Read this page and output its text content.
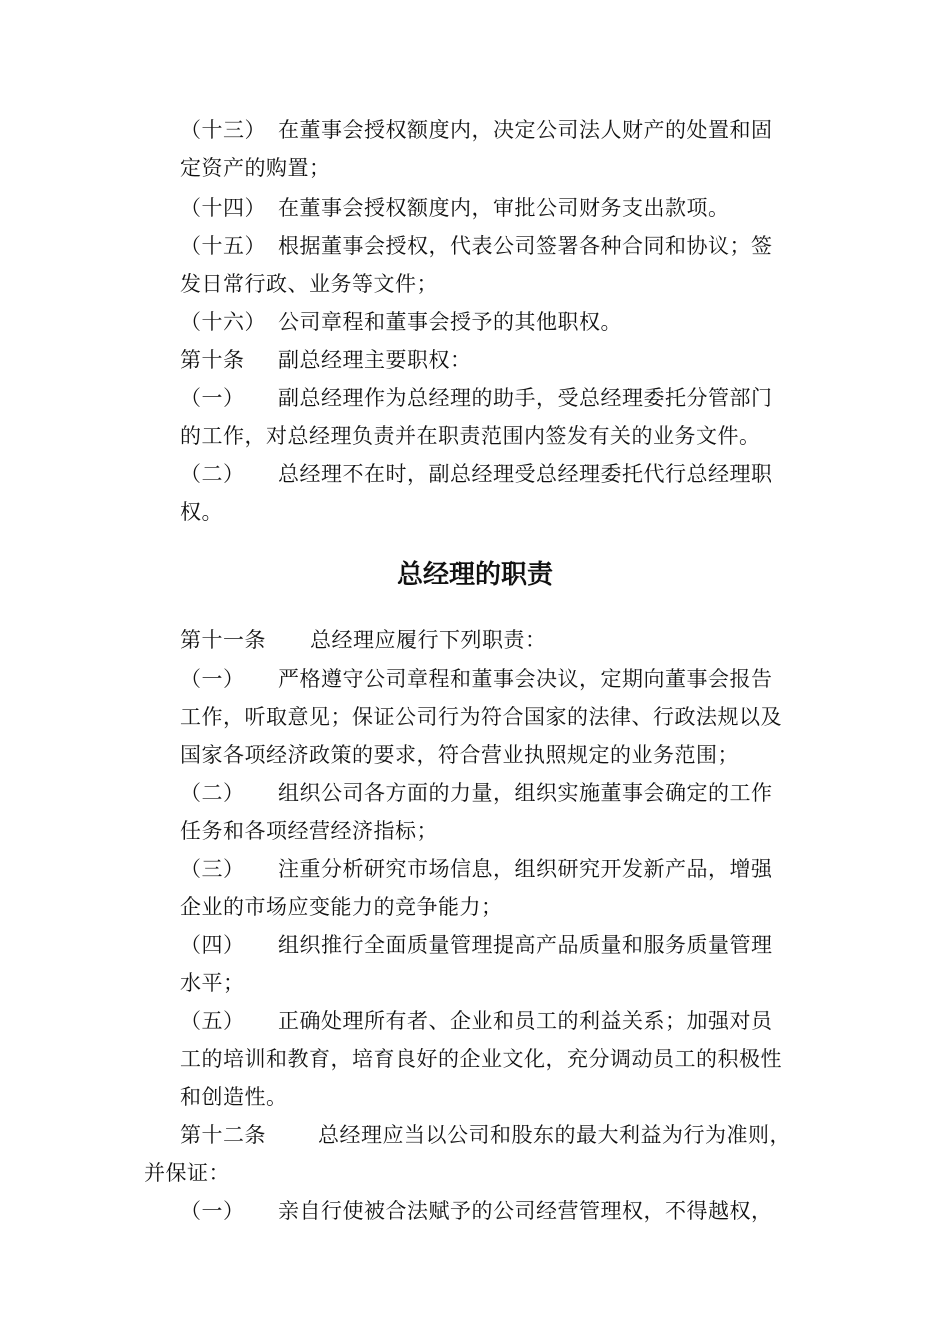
（十三） 在董事会授权额度内，决定公司法人财产的处置和固
定资产的购置；
（十四） 在董事会授权额度内，审批公司财务支出款项。
（十五） 根据董事会授权，代表公司签署各种合同和协议；签
发日常行政、业务等文件；
（十六） 公司章程和董事会授予的其他职权。
第十条 副总经理主要职权：
（一） 副总经理作为总经理的助手，受总经理委托分管部门
的工作，对总经理负责并在职责范围内签发有关的业务文件。
（二） 总经理不在时，副总经理受总经理委托代行总经理职
权。
总经理的职责
第十一条 总经理应履行下列职责：
（一） 严格遵守公司章程和董事会决议，定期向董事会报告
工作，听取意见；保证公司行为符合国家的法律、行政法规以及
国家各项经济政策的要求，符合营业执照规定的业务范围；
（二） 组织公司各方面的力量，组织实施董事会确定的工作
任务和各项经营经济指标；
（三） 注重分析研究市场信息，组织研究开发新产品，增强
企业的市场应变能力的竞争能力；
（四） 组织推行全面质量管理提高产品质量和服务质量管理
水平；
（五） 正确处理所有者、企业和员工的利益关系；加强对员
工的培训和教育，培育良好的企业文化，充分调动员工的积极性
和创造性。
第十二条 总经理应当以公司和股东的最大利益为行为准则，
并保证：
（一） 亲自行使被合法赋予的公司经营管理权，不得越权，
